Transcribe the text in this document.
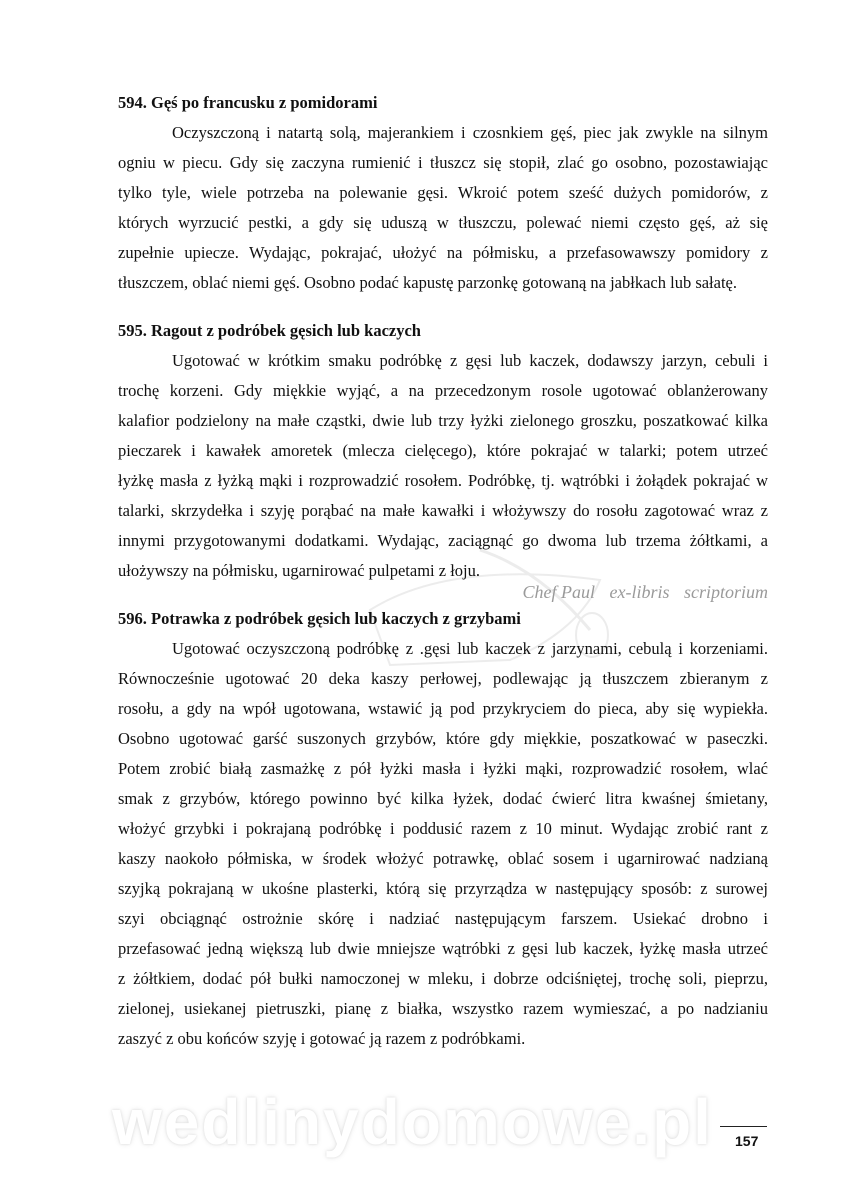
594. Gęś po francusku z pomidorami
Oczyszczoną i natartą solą, majerankiem i czosnkiem gęś, piec jak zwykle na silnym
ogniu w piecu. Gdy się zaczyna rumienić i tłuszcz się stopił, zlać go osobno, pozostawiając
tylko tyle, wiele potrzeba na polewanie gęsi. Wkroić potem sześć dużych pomidorów, z
których wyrzucić pestki, a gdy się uduszą w tłuszczu, polewać niemi często gęś, aż się
zupełnie upiecze. Wydając, pokrajać, ułożyć na półmisku, a przefasowawszy pomidory z
tłuszczem, oblać niemi gęś. Osobno podać kapustę parzonkę gotowaną na jabłkach lub sałatę.
595. Ragout z podróbek gęsich lub kaczych
Ugotować w krótkim smaku podróbkę z gęsi lub kaczek, dodawszy jarzyn, cebuli i
trochę korzeni. Gdy miękkie wyjąć, a na przecedzonym rosole ugotować oblanżerowany
kalafior podzielony na małe cząstki, dwie lub trzy łyżki zielonego groszku, poszatkować kilka
pieczarek i kawałek amoretek (mlecza cielęcego), które pokrajać w talarki; potem utrzeć
łyżkę masła z łyżką mąki i rozprowadzić rosołem. Podróbkę, tj. wątróbki i żołądek pokrajać w
talarki, skrzydełka i szyję porąbać na małe kawałki i włożywszy do rosołu zagotować wraz z
innymi przygotowanymi dodatkami. Wydając, zaciągnąć go dwoma lub trzema żółtkami, a
ułożywszy na półmisku, ugarnirować pulpetami z łoju.
Chef Paul ex-libris scriptorium
596. Potrawka z podróbek gęsich lub kaczych z grzybami
Ugotować oczyszczoną podróbkę z .gęsi lub kaczek z jarzynami, cebulą i korzeniami.
Równocześnie ugotować 20 deka kaszy perłowej, podlewając ją tłuszczem zbieranym z
rosołu, a gdy na wpół ugotowana, wstawić ją pod przykryciem do pieca, aby się wypiekła.
Osobno ugotować garść suszonych grzybów, które gdy miękkie, poszatkować w paseczki.
Potem zrobić białą zasmażkę z pół łyżki masła i łyżki mąki, rozprowadzić rosołem, wlać
smak z grzybów, którego powinno być kilka łyżek, dodać ćwierć litra kwaśnej śmietany,
włożyć grzybki i pokrajaną podróbkę i poddusić razem z 10 minut. Wydając zrobić rant z
kaszy naokoło półmiska, w środek włożyć potrawkę, oblać sosem i ugarnirować nadzianą
szyjką pokrajaną w ukośne plasterki, którą się przyrządza w następujący sposób: z surowej
szyi obciągnąć ostrożnie skórę i nadziać następującym farszem. Usiekać drobno i
przefasować jedną większą lub dwie mniejsze wątróbki z gęsi lub kaczek, łyżkę masła utrzeć
z żółtkiem, dodać pół bułki namoczonej w mleku, i dobrze odciśniętej, trochę soli, pieprzu,
zielonej, usiekanej pietruszki, pianę z białka, wszystko razem wymieszać, a po nadzianiu
zaszyć z obu końców szyję i gotować ją razem z podróbkami.
wedlinydomowe.pl 157
